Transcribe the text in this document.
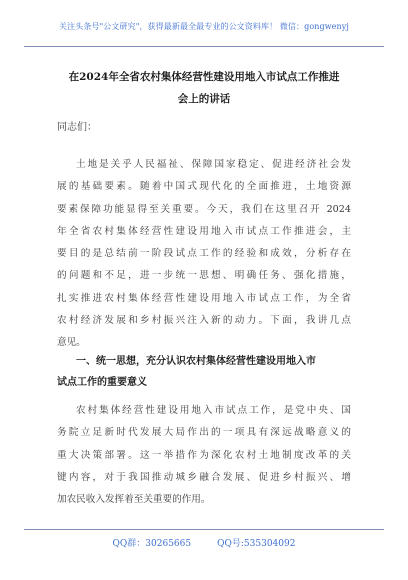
关注头条号"公文研究"，获得最新最全最专业的公文资料库！ 微信：gongwenyj
在2024年全省农村集体经营性建设用地入市试点工作推进
会上的讲话
同志们：
土地是关乎人民福祉、保障国家稳定、促进经济社会发
展的基础要素。随着中国式现代化的全面推进，土地资源
要素保障功能显得至关重要。今天，我们在这里召开 2024
年全省农村集体经营性建设用地入市试点工作推进会，主
要目的是总结前一阶段试点工作的经验和成效，分析存在
的问题和不足，进一步统一思想、明确任务、强化措施，
扎实推进农村集体经营性建设用地入市试点工作，为全省
农村经济发展和乡村振兴注入新的动力。下面，我讲几点
意见。
一、统一思想，充分认识农村集体经营性建设用地入市
试点工作的重要意义
农村集体经营性建设用地入市试点工作，是党中央、国
务院立足新时代发展大局作出的一项具有深远战略意义的
重大决策部署。这一举措作为深化农村土地制度改革的关
键内容，对于我国推动城乡融合发展、促进乡村振兴、增
加农民收入发挥着至关重要的作用。
QQ群：30265665	QQ号:535304092
